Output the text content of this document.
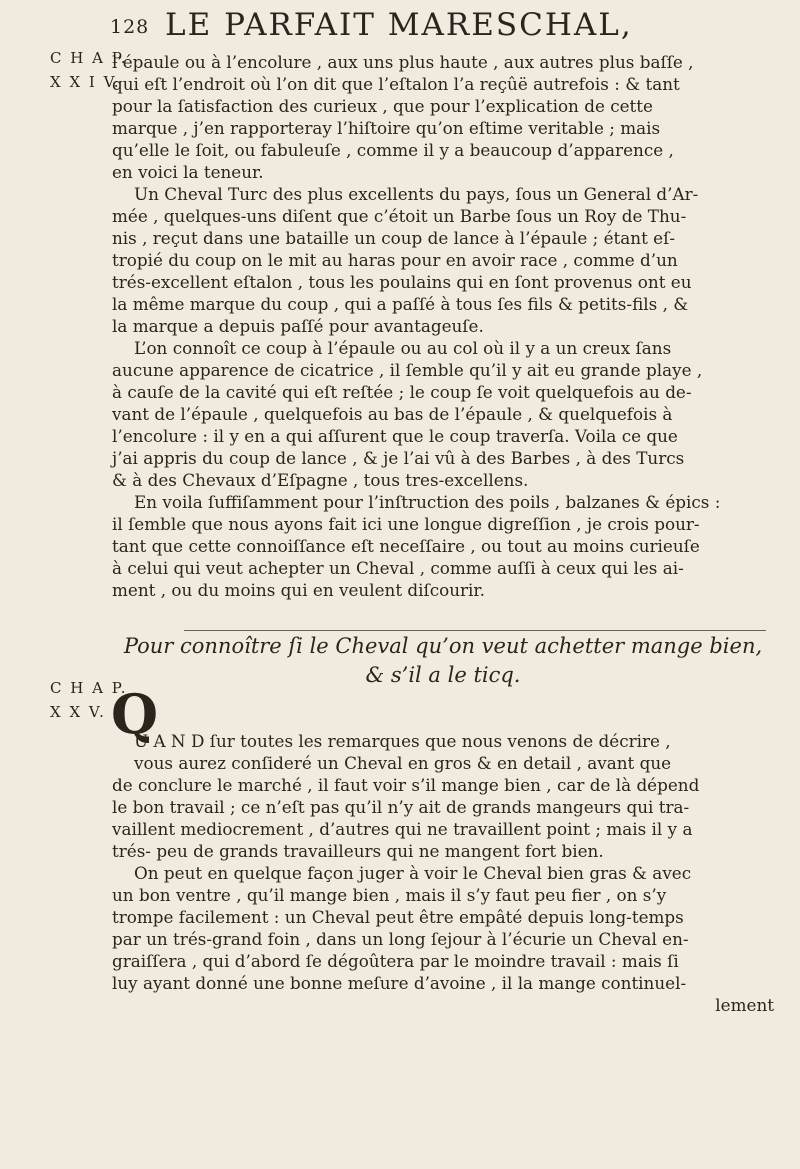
128 LE PARFAIT MARESCHAL,
C H A P.
X X I V.
l’épaule ou à l’encolure , aux uns plus haute , aux autres plus baſſe ,
qui eſt l’endroit où l’on dit que l’eſtalon l’a reçûë autrefois : & tant
pour la ſatisfaction des curieux , que pour l’explication de cette
marque , j’en rapporteray l’hiſtoire qu’on eſtime veritable ; mais
qu’elle le ſoit, ou fabuleuſe , comme il y a beaucoup d’apparence ,
en voici la teneur.
Un Cheval Turc des plus excellents du pays, ſous un General d’Ar-
mée , quelques-uns diſent que c’étoit un Barbe ſous un Roy de Thu-
nis , reçut dans une bataille un coup de lance à l’épaule ; étant eſ-
tropié du coup on le mit au haras pour en avoir race , comme d’un
trés-excellent eſtalon , tous les poulains qui en ſont provenus ont eu
la même marque du coup , qui a paſſé à tous ſes fils & petits-fils , &
la marque a depuis paſſé pour avantageuſe.
L’on connoît ce coup à l’épaule ou au col où il y a un creux ſans
aucune apparence de cicatrice , il ſemble qu’il y ait eu grande playe ,
à cauſe de la cavité qui eſt reſtée ; le coup ſe voit quelquefois au de-
vant de l’épaule , quelquefois au bas de l’épaule , & quelquefois à
l’encolure : il y en a qui aſſurent que le coup traverſa. Voila ce que
j’ai appris du coup de lance , & je l’ai vû à des Barbes , à des Turcs
& à des Chevaux d’Eſpagne , tous tres-excellens.
En voila ſuffiſamment pour l’inſtruction des poils , balzanes & épics :
il ſemble que nous ayons fait ici une longue digreſſion , je crois pour-
tant que cette connoiſſance eſt neceſſaire , ou tout au moins curieuſe
à celui qui veut achepter un Cheval , comme auſſi à ceux qui les ai-
ment , ou du moins qui en veulent diſcourir.
Pour connoître ſi le Cheval qu’on veut achetter mange bien,
& s’il a le ticq.
C H A P.
X X V. Q
U A N D ſur toutes les remarques que nous venons de décrire ,
vous aurez conſideré un Cheval en gros & en detail , avant que
de conclure le marché , il faut voir s’il mange bien , car de là dépend
le bon travail ; ce n’eſt pas qu’il n’y ait de grands mangeurs qui tra-
vaillent mediocrement , d’autres qui ne travaillent point ; mais il y a
trés- peu de grands travailleurs qui ne mangent fort bien.
On peut en quelque façon juger à voir le Cheval bien gras & avec
un bon ventre , qu’il mange bien , mais il s’y faut peu fier , on s’y
trompe facilement : un Cheval peut être empâté depuis long-temps
par un trés-grand foin , dans un long ſejour à l’écurie un Cheval en-
graiſſera , qui d’abord ſe dégoûtera par le moindre travail : mais ſi
luy ayant donné une bonne meſure d’avoine , il la mange continuel-
lement
